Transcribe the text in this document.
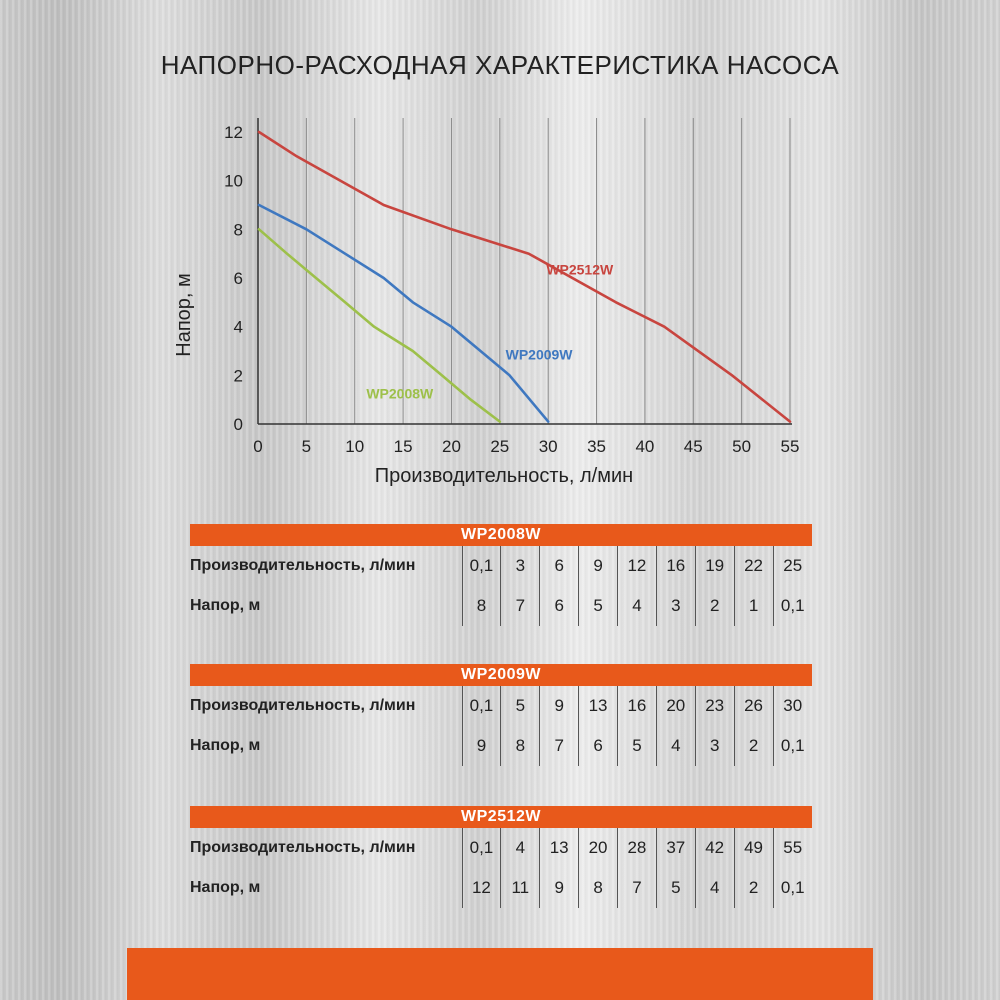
НАПОРНО-РАСХОДНАЯ ХАРАКТЕРИСТИКА НАСОСА
0 5 10 15 20 25 30 35 40 45 50 55
0
2
4
6
8
10
12
Производительность, л/мин
Напор, м
WP2512W
WP2009W
WP2008W
WP2008W									
Производительность, л/мин	0,1	3	6	9	12	16	19	22	25
Напор, м	8	7	6	5	4	3	2	1	0,1
WP2009W									
Производительность, л/мин	0,1	5	9	13	16	20	23	26	30
Напор, м	9	8	7	6	5	4	3	2	0,1
WP2512W									
Производительность, л/мин	0,1	4	13	20	28	37	42	49	55
Напор, м	12	11	9	8	7	5	4	2	0,1
